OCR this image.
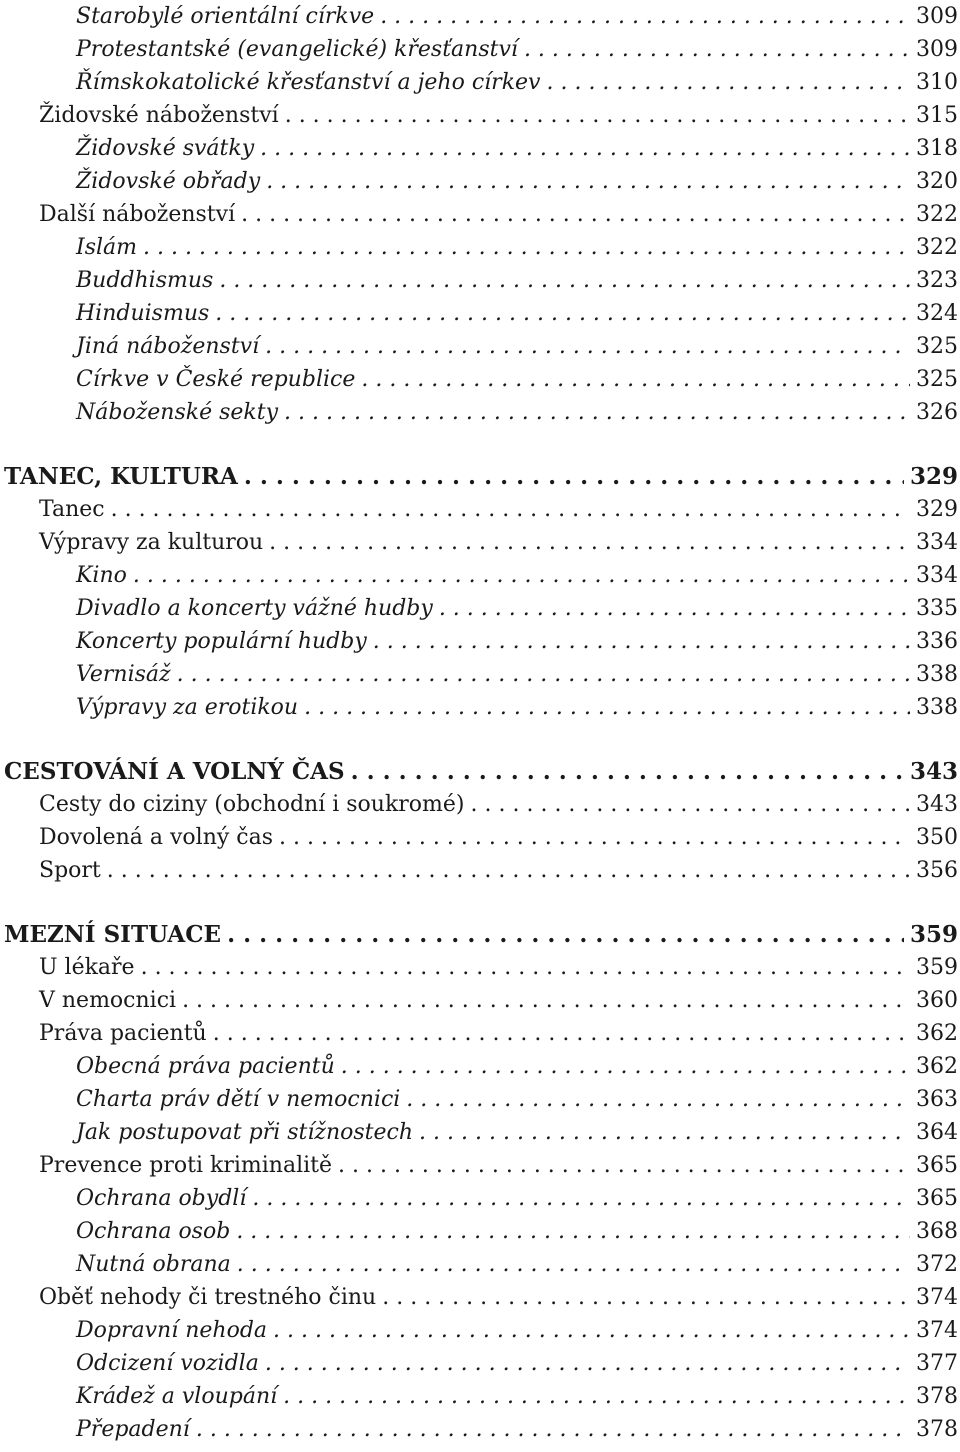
Starobylé orientální církve . . .	309
Protestantské (evangelické) křesťanství . . .	309
Římskokatolické křesťanství a jeho církev . . .	310
Židovské náboženství . . .	315
Židovské svátky . . .	318
Židovské obřady . . .	320
Další náboženství . . .	322
Islám . . .	322
Buddhismus . . .	323
Hinduismus . . .	324
Jiná náboženství . . .	325
Církve v České republice . . .	325
Náboženské sekty . . .	326
TANEC, KULTURA . . .	329
Tanec . . .	329
Výpravy za kulturou . . .	334
Kino . . .	334
Divadlo a koncerty vážné hudby . . .	335
Koncerty populární hudby . . .	336
Vernisáž . . .	338
Výpravy za erotikou . . .	338
CESTOVÁNÍ A VOLNÝ ČAS . . .	343
Cesty do ciziny (obchodní i soukromé) . . .	343
Dovolená a volný čas . . .	350
Sport . . .	356
MEZNÍ SITUACE . . .	359
U lékaře . . .	359
V nemocnici . . .	360
Práva pacientů . . .	362
Obecná práva pacientů . . .	362
Charta práv dětí v nemocnici . . .	363
Jak postupovat při stížnostech . . .	364
Prevence proti kriminalitě . . .	365
Ochrana obydlí . . .	365
Ochrana osob . . .	368
Nutná obrana . . .	372
Oběť nehody či trestného činu . . .	374
Dopravní nehoda . . .	374
Odcizení vozidla . . .	377
Krádež a vloupání . . .	378
Přepadení . . .	378
